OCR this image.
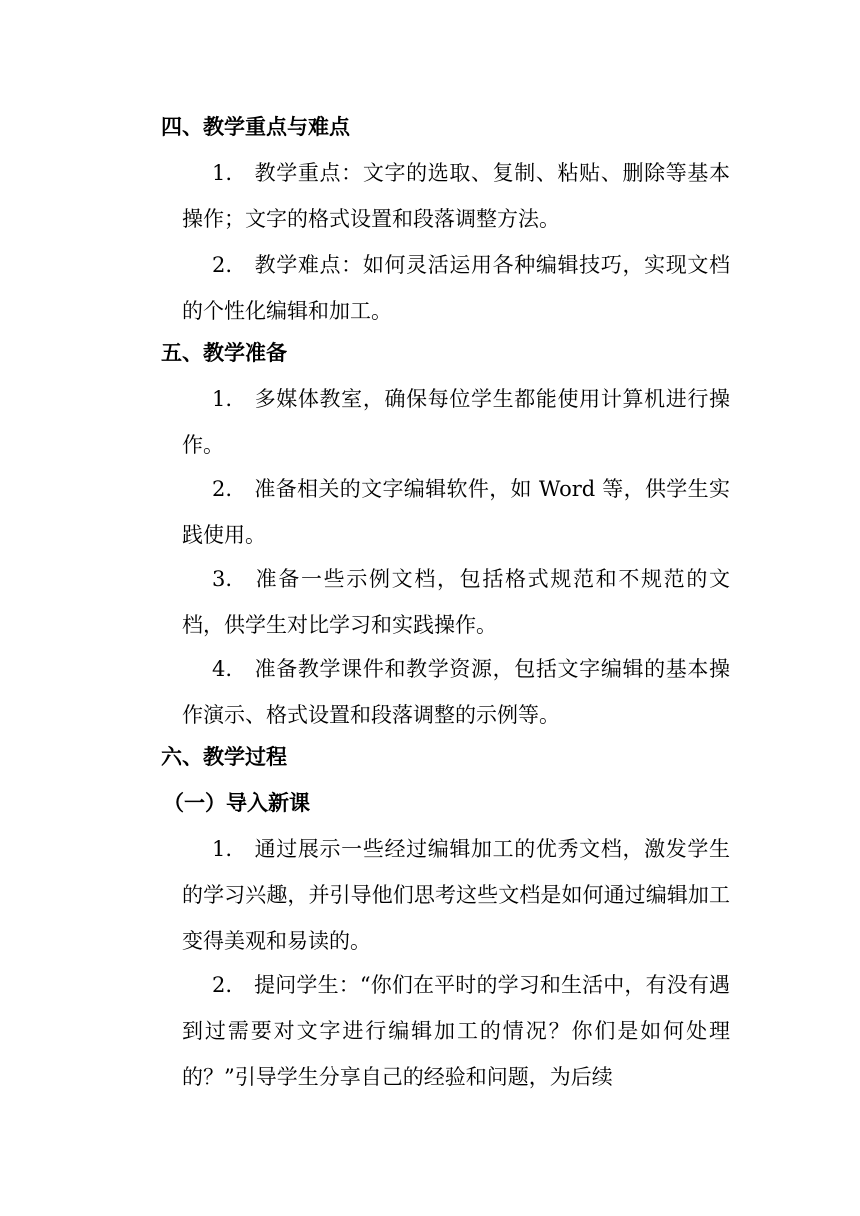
四、教学重点与难点
1. 教学重点：文字的选取、复制、粘贴、删除等基本操作；文字的格式设置和段落调整方法。
2. 教学难点：如何灵活运用各种编辑技巧，实现文档的个性化编辑和加工。
五、教学准备
1. 多媒体教室，确保每位学生都能使用计算机进行操作。
2. 准备相关的文字编辑软件，如 Word 等，供学生实践使用。
3. 准备一些示例文档，包括格式规范和不规范的文档，供学生对比学习和实践操作。
4. 准备教学课件和教学资源，包括文字编辑的基本操作演示、格式设置和段落调整的示例等。
六、教学过程
（一）导入新课
1. 通过展示一些经过编辑加工的优秀文档，激发学生的学习兴趣，并引导他们思考这些文档是如何通过编辑加工变得美观和易读的。
2. 提问学生：“你们在平时的学习和生活中，有没有遇到过需要对文字进行编辑加工的情况？你们是如何处理的？”引导学生分享自己的经验和问题，为后续
